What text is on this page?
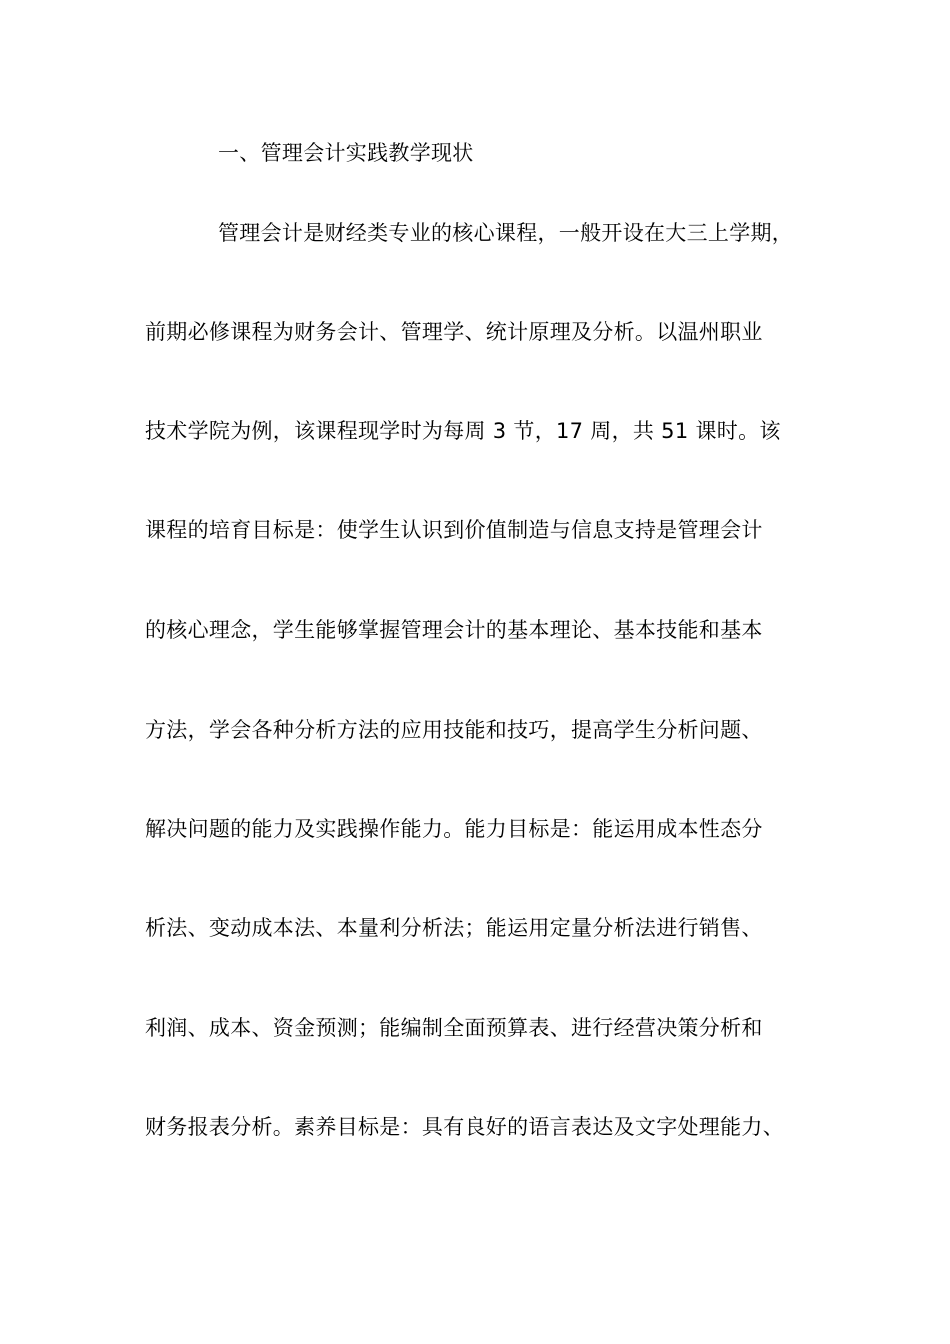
一、管理会计实践教学现状
管理会计是财经类专业的核心课程，一般开设在大三上学期，
前期必修课程为财务会计、管理学、统计原理及分析。以温州职业
技术学院为例，该课程现学时为每周 3 节，17 周，共 51 课时。该
课程的培育目标是：使学生认识到价值制造与信息支持是管理会计
的核心理念，学生能够掌握管理会计的基本理论、基本技能和基本
方法，学会各种分析方法的应用技能和技巧，提高学生分析问题、
解决问题的能力及实践操作能力。能力目标是：能运用成本性态分
析法、变动成本法、本量利分析法；能运用定量分析法进行销售、
利润、成本、资金预测；能编制全面预算表、进行经营决策分析和
财务报表分析。素养目标是：具有良好的语言表达及文字处理能力、
